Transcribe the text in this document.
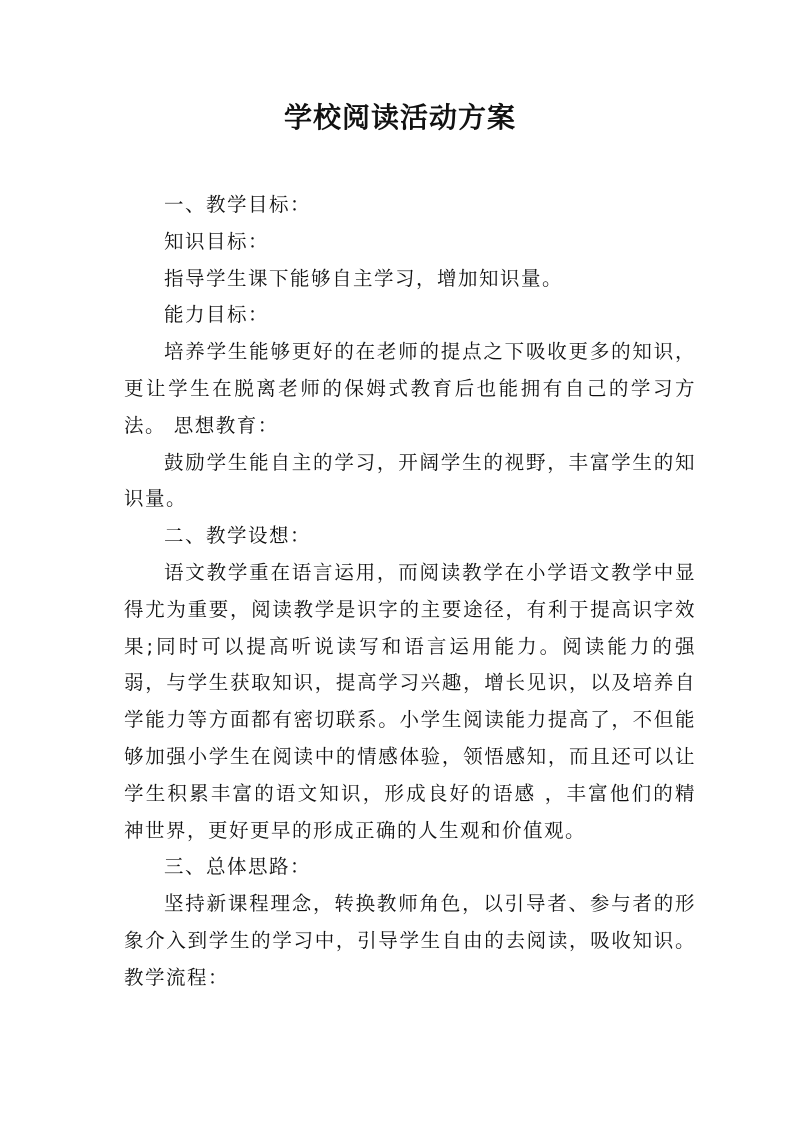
学校阅读活动方案

一、教学目标：

知识目标：

指导学生课下能够自主学习，增加知识量。

能力目标：

培养学生能够更好的在老师的提点之下吸收更多的知识，更让学生在脱离老师的保姆式教育后也能拥有自己的学习方法。 思想教育：

鼓励学生能自主的学习，开阔学生的视野，丰富学生的知识量。

二、教学设想：

语文教学重在语言运用，而阅读教学在小学语文教学中显得尤为重要，阅读教学是识字的主要途径，有利于提高识字效果;同时可以提高听说读写和语言运用能力。阅读能力的强弱，与学生获取知识，提高学习兴趣，增长见识，以及培养自学能力等方面都有密切联系。小学生阅读能力提高了，不但能够加强小学生在阅读中的情感体验，领悟感知，而且还可以让学生积累丰富的语文知识，形成良好的语感 ，丰富他们的精神世界，更好更早的形成正确的人生观和价值观。

三、总体思路：

坚持新课程理念，转换教师角色，以引导者、参与者的形象介入到学生的学习中，引导学生自由的去阅读，吸收知识。 教学流程：
